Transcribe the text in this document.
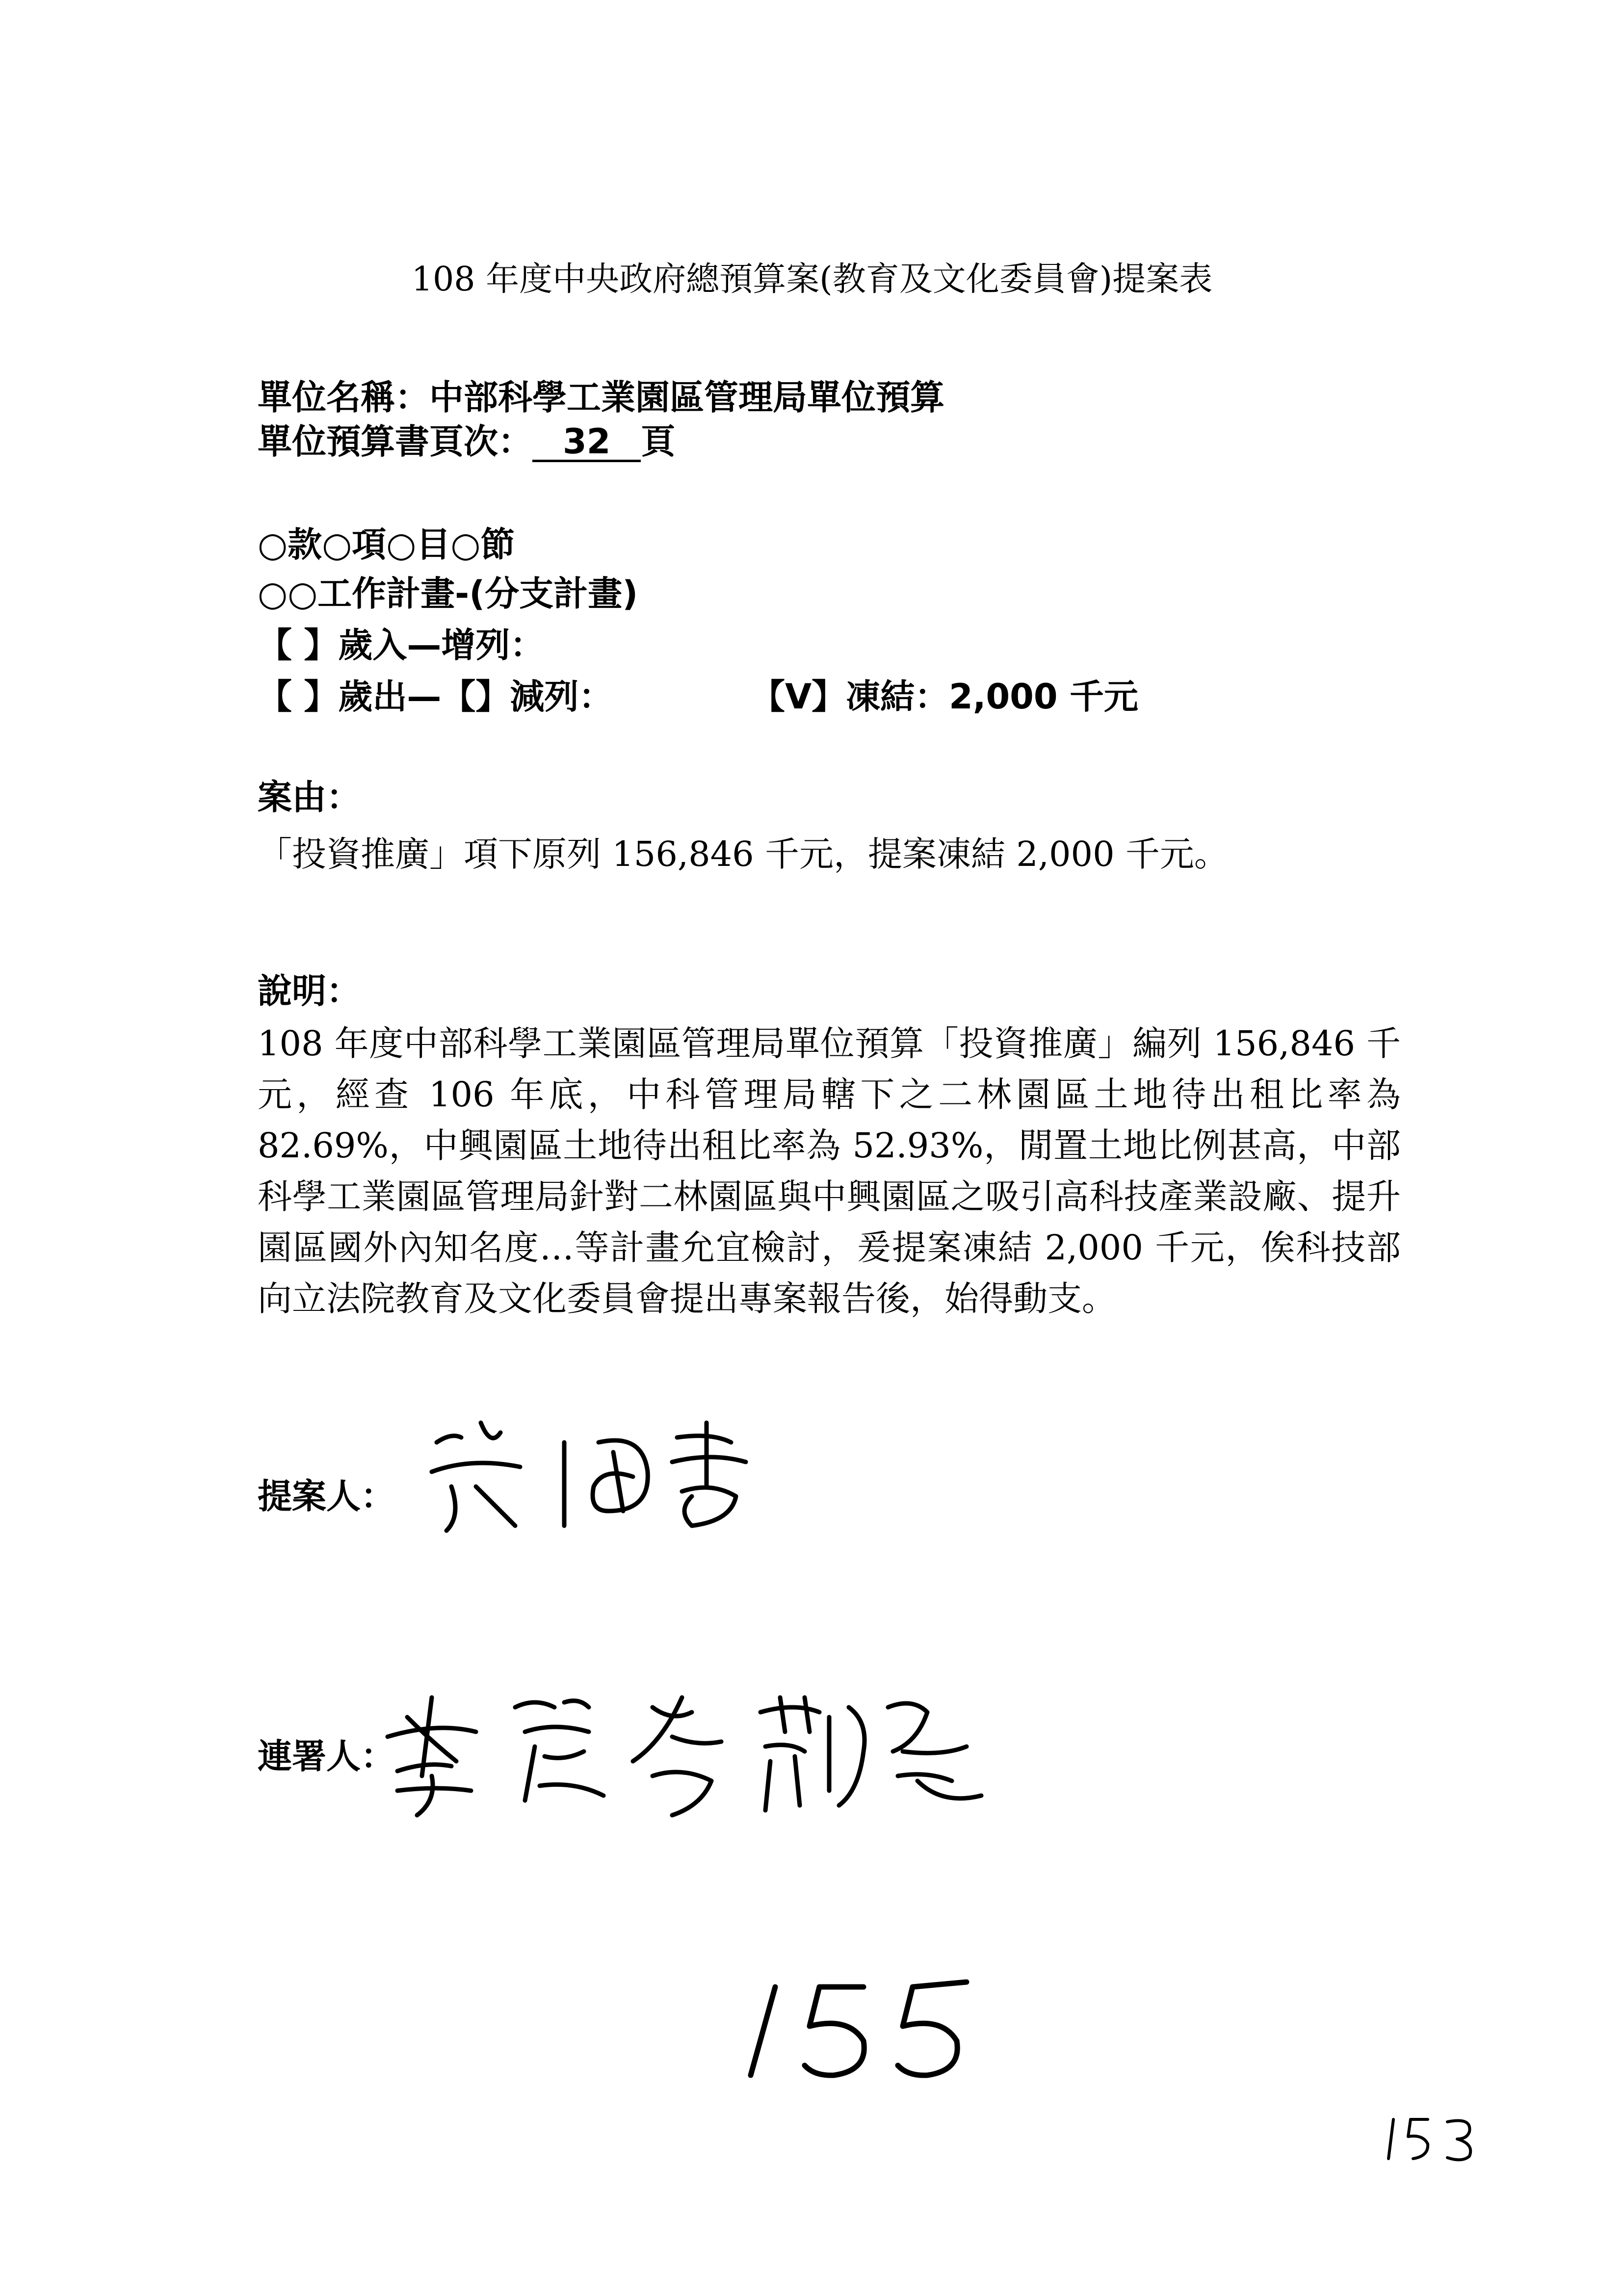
108 年度中央政府總預算案(教育及文化委員會)提案表
單位名稱：中部科學工業園區管理局單位預算
單位預算書頁次： 32 頁
○款○項○目○節
○○工作計畫-(分支計畫)
【 】歲入—增列：
【 】歲出—【】減列：	【V】凍結：2,000 千元
案由：
「投資推廣」項下原列 156,846 千元，提案凍結 2,000 千元。
說明：
108 年度中部科學工業園區管理局單位預算「投資推廣」編列 156,846 千元，經查 106 年底，中科管理局轄下之二林園區土地待出租比率為 82.69%，中興園區土地待出租比率為 52.93%，閒置土地比例甚高，中部科學工業園區管理局針對二林園區與中興園區之吸引高科技產業設廠、提升園區國外內知名度…等計畫允宜檢討，爰提案凍結 2,000 千元，俟科技部向立法院教育及文化委員會提出專案報告後，始得動支。
提案人：
連署人：
